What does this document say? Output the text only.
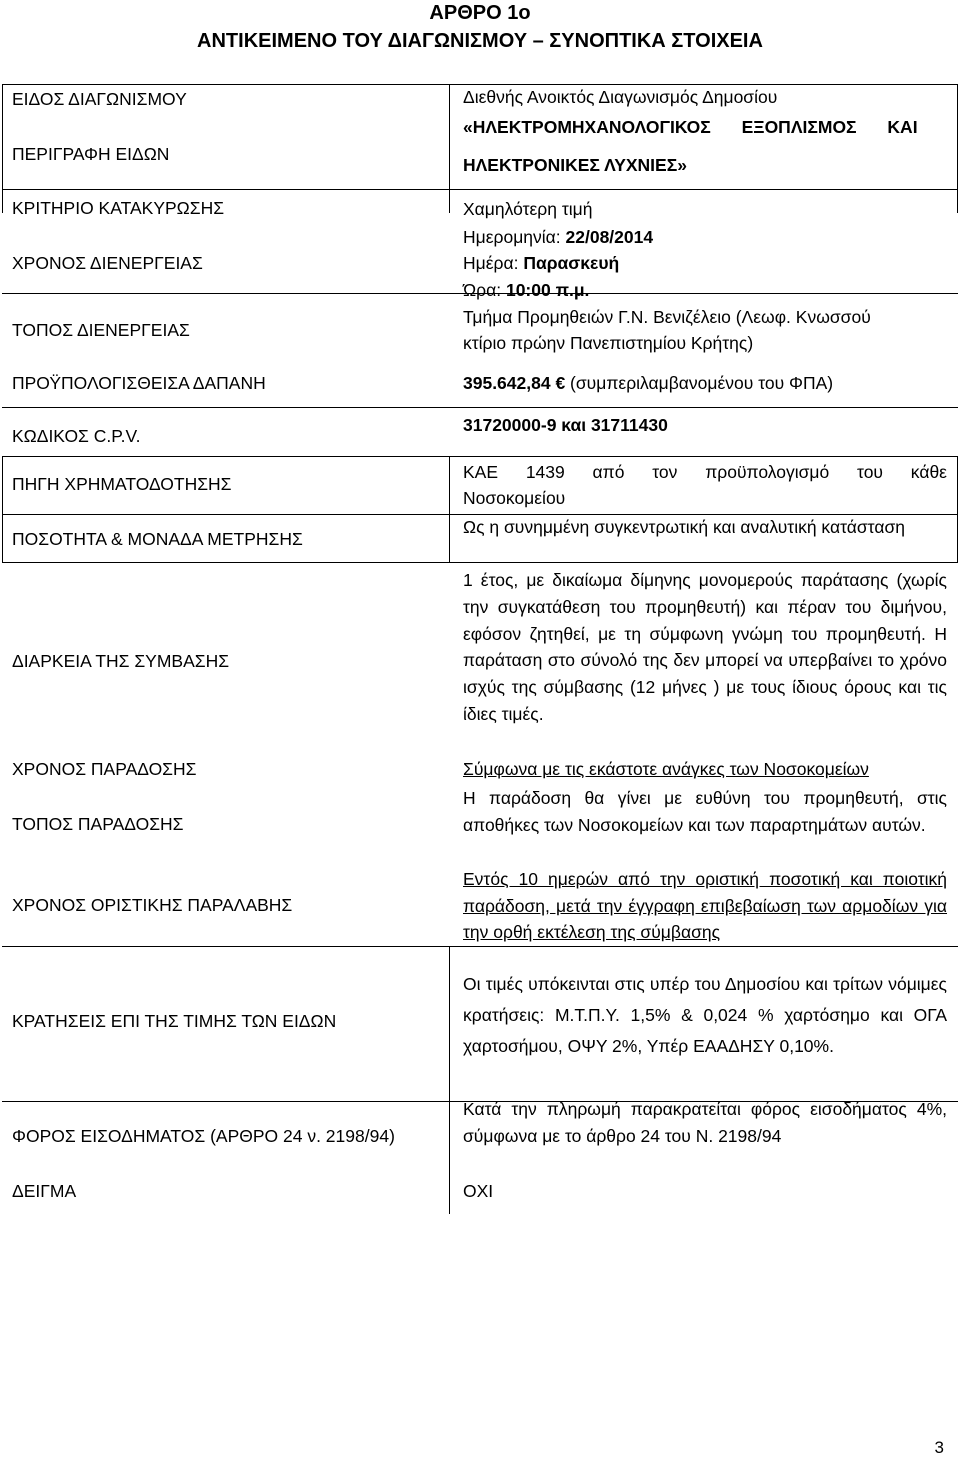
ΑΡΘΡΟ 1ο
ΑΝΤΙΚΕΙΜΕΝΟ ΤΟΥ ΔΙΑΓΩΝΙΣΜΟΥ – ΣΥΝΟΠΤΙΚΑ ΣΤΟΙΧΕΙΑ
ΕΙΔΟΣ ΔΙΑΓΩΝΙΣΜΟΥ
ΠΕΡΙΓΡΑΦΗ ΕΙΔΩΝ
ΚΡΙΤΗΡΙΟ ΚΑΤΑΚΥΡΩΣΗΣ
ΧΡΟΝΟΣ ΔΙΕΝΕΡΓΕΙΑΣ
ΤΟΠΟΣ ΔΙΕΝΕΡΓΕΙΑΣ
ΠΡΟΫΠΟΛΟΓΙΣΘΕΙΣΑ ΔΑΠΑΝΗ
ΚΩΔΙΚΟΣ C.P.V.
ΠΗΓΗ ΧΡΗΜΑΤΟΔΟΤΗΣΗΣ
ΠΟΣΟΤΗΤΑ & ΜΟΝΑΔΑ ΜΕΤΡΗΣΗΣ
ΔΙΑΡΚΕΙΑ ΤΗΣ ΣΥΜΒΑΣΗΣ
ΧΡΟΝΟΣ ΠΑΡΑΔΟΣΗΣ
ΤΟΠΟΣ ΠΑΡΑΔΟΣΗΣ
ΧΡΟΝΟΣ ΟΡΙΣΤΙΚΗΣ ΠΑΡΑΛΑΒΗΣ
ΚΡΑΤΗΣΕΙΣ ΕΠΙ ΤΗΣ ΤΙΜΗΣ ΤΩΝ ΕΙΔΩΝ
ΦΟΡΟΣ ΕΙΣΟΔΗΜΑΤΟΣ (ΑΡΘΡΟ 24 ν. 2198/94)
ΔΕΙΓΜΑ
Διεθνής Ανοικτός Διαγωνισμός Δημοσίου
«ΗΛΕΚΤΡΟΜΗΧΑΝΟΛΟΓΙΚΟΣ ΕΞΟΠΛΙΣΜΟΣ ΚΑΙ
ΗΛΕΚΤΡΟΝΙΚΕΣ ΛΥΧΝΙΕΣ»
Χαμηλότερη τιμή
Ημερομηνία: 22/08/2014
Ημέρα: Παρασκευή
Ώρα: 10:00 π.μ.
Τμήμα Προμηθειών Γ.Ν. Βενιζέλειο (Λεωφ. Κνωσσού
κτίριο πρώην Πανεπιστημίου Κρήτης)
395.642,84 € (συμπεριλαμβανομένου του ΦΠΑ)
31720000-9 και 31711430
ΚΑΕ 1439 από τον προϋπολογισμό του κάθε Νοσοκομείου
Ως η συνημμένη συγκεντρωτική και αναλυτική κατάσταση
1 έτος, με δικαίωμα δίμηνης μονομερούς παράτασης (χωρίς την συγκατάθεση του προμηθευτή) και πέραν του διμήνου, εφόσον ζητηθεί, με τη σύμφωνη γνώμη του προμηθευτή. Η παράταση στο σύνολό της δεν μπορεί να υπερβαίνει το χρόνο ισχύς της σύμβασης (12 μήνες ) με τους ίδιους όρους και τις ίδιες τιμές.
Σύμφωνα με τις εκάστοτε ανάγκες των Νοσοκομείων
Η παράδοση θα γίνει με ευθύνη του προμηθευτή, στις αποθήκες των Νοσοκομείων και των παραρτημάτων αυτών.
Εντός 10 ημερών από την οριστική ποσοτική και ποιοτική παράδοση, μετά την έγγραφη επιβεβαίωση των αρμοδίων για την ορθή εκτέλεση της σύμβασης
Οι τιμές υπόκεινται στις υπέρ του Δημοσίου και τρίτων νόμιμες κρατήσεις: Μ.Τ.Π.Υ. 1,5% & 0,024 % χαρτόσημο και ΟΓΑ χαρτοσήμου, ΟΨΥ 2%, Υπέρ ΕΑΑΔΗΣΥ 0,10%.
Κατά την πληρωμή παρακρατείται φόρος εισοδήματος 4%, σύμφωνα με το άρθρο 24 του Ν. 2198/94
ΟΧΙ
3
